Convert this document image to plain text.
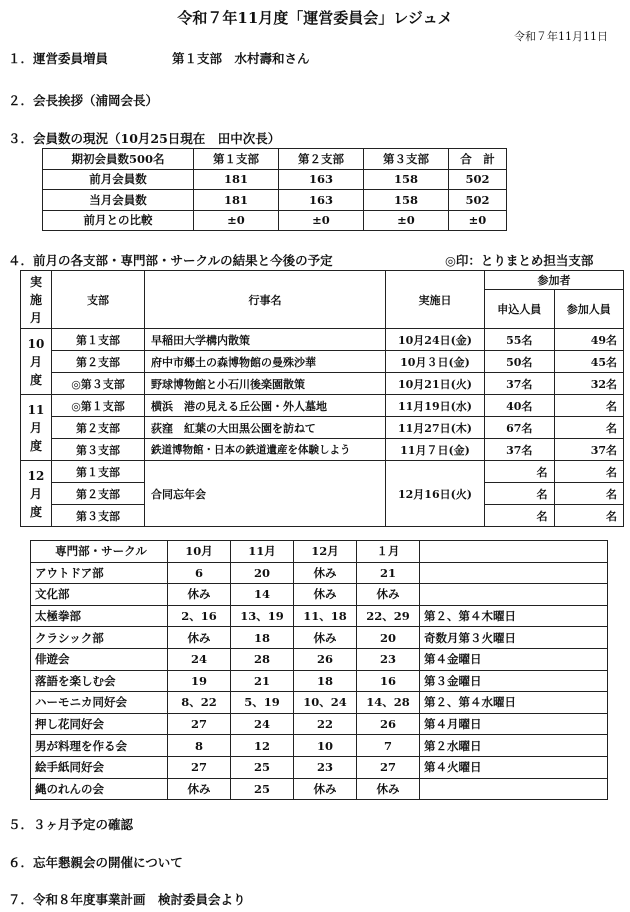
令和７年11月度「運営委員会」レジュメ
令和７年11月11日
１．運営委員増員	第１支部　水村壽和さん
２．会長挨拶（浦岡会長）
３．会員数の現況（10月25日現在　田中次長）
期初会員数500名	第１支部	第２支部	第３支部	合　計
前月会員数	181	163	158	502
当月会員数	181	163	158	502
前月との比較	±0	±0	±0	±0
４．前月の各支部・専門部・サークルの結果と今後の予定	◎印：とりまとめ担当支部
実
施
月	支部	行事名	実施日	参加者	
				申込人員	参加人員
10
月
度	第１支部	早稲田大学構内散策	10月24日(金)	55名	49名
	第２支部	府中市郷土の森博物館の曼殊沙華	10月３日(金)	50名	45名
	◎第３支部	野球博物館と小石川後楽園散策	10月21日(火)	37名	32名
11
月
度	◎第１支部	横浜　港の見える丘公園・外人墓地	11月19日(水)	40名	名
	第２支部	荻窪　紅葉の大田黒公園を訪ねて	11月27日(木)	67名	名
	第３支部	鉄道博物館・日本の鉄道遺産を体験しよう	11月７日(金)	37名	37名
12
月
度	第１支部	合同忘年会	12月16日(火)	名	名
	第２支部			名	名
	第３支部			名	名
専門部・サークル	10月	11月	12月	１月	
アウトドア部	6	20	休み	21	
文化部	休み	14	休み	休み	
太極拳部	2、16	13、19	11、18	22、29	第２、第４木曜日
クラシック部	休み	18	休み	20	奇数月第３火曜日
俳遊会	24	28	26	23	第４金曜日
落語を楽しむ会	19	21	18	16	第３金曜日
ハーモニカ同好会	8、22	5、19	10、24	14、28	第２、第４水曜日
押し花同好会	27	24	22	26	第４月曜日
男が料理を作る会	8	12	10	7	第２水曜日
絵手紙同好会	27	25	23	27	第４火曜日
縄のれんの会	休み	25	休み	休み	
５．３ヶ月予定の確認
６．忘年懇親会の開催について
７．令和８年度事業計画　検討委員会より
